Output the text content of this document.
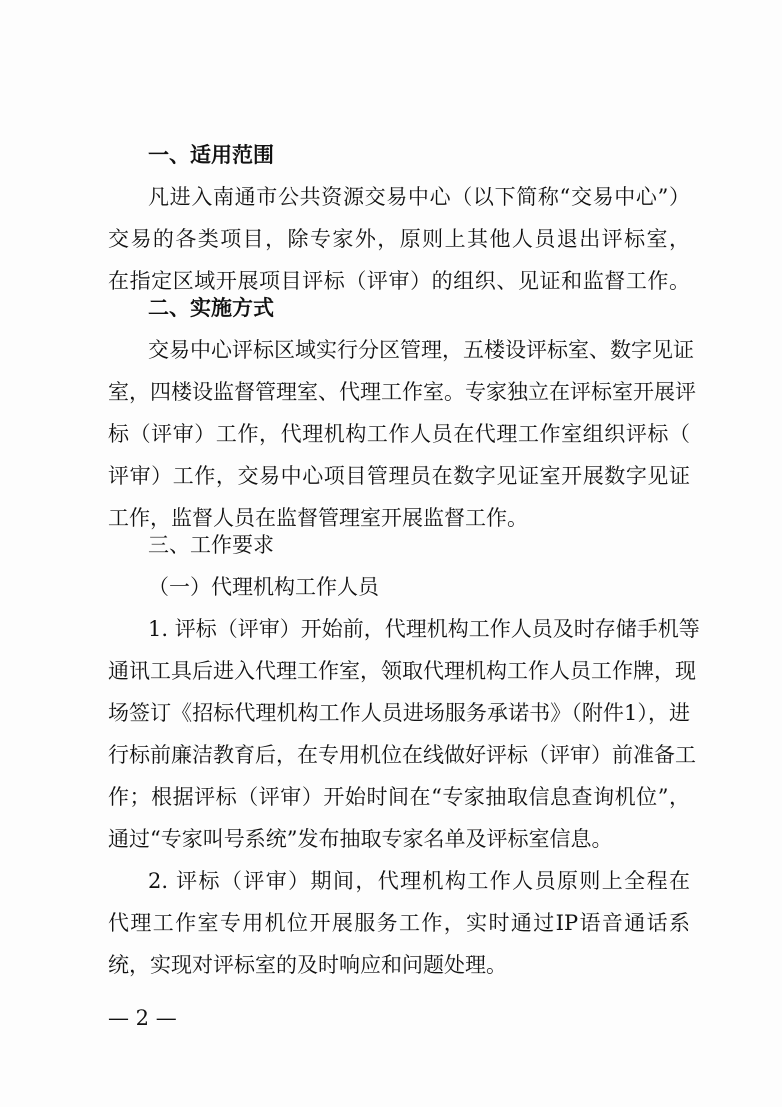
一、适用范围
凡进入南通市公共资源交易中心（以下简称“交易中心”）
交易的各类项目，除专家外，原则上其他人员退出评标室，
在指定区域开展项目评标（评审）的组织、见证和监督工作。
二、实施方式
交易中心评标区域实行分区管理，五楼设评标室、数字见证
室，四楼设监督管理室、代理工作室。专家独立在评标室开展评
标（评审）工作，代理机构工作人员在代理工作室组织评标（
评审）工作，交易中心项目管理员在数字见证室开展数字见证
工作，监督人员在监督管理室开展监督工作。
三、工作要求
（一）代理机构工作人员
1. 评标（评审）开始前，代理机构工作人员及时存储手机等
通讯工具后进入代理工作室，领取代理机构工作人员工作牌，现
场签订《招标代理机构工作人员进场服务承诺书》（附件1），进
行标前廉洁教育后，在专用机位在线做好评标（评审）前准备工
作；根据评标（评审）开始时间在“专家抽取信息查询机位”，
通过“专家叫号系统”发布抽取专家名单及评标室信息。
2. 评标（评审）期间，代理机构工作人员原则上全程在
代理工作室专用机位开展服务工作，实时通过IP语音通话系
统，实现对评标室的及时响应和问题处理。
— 2 —
